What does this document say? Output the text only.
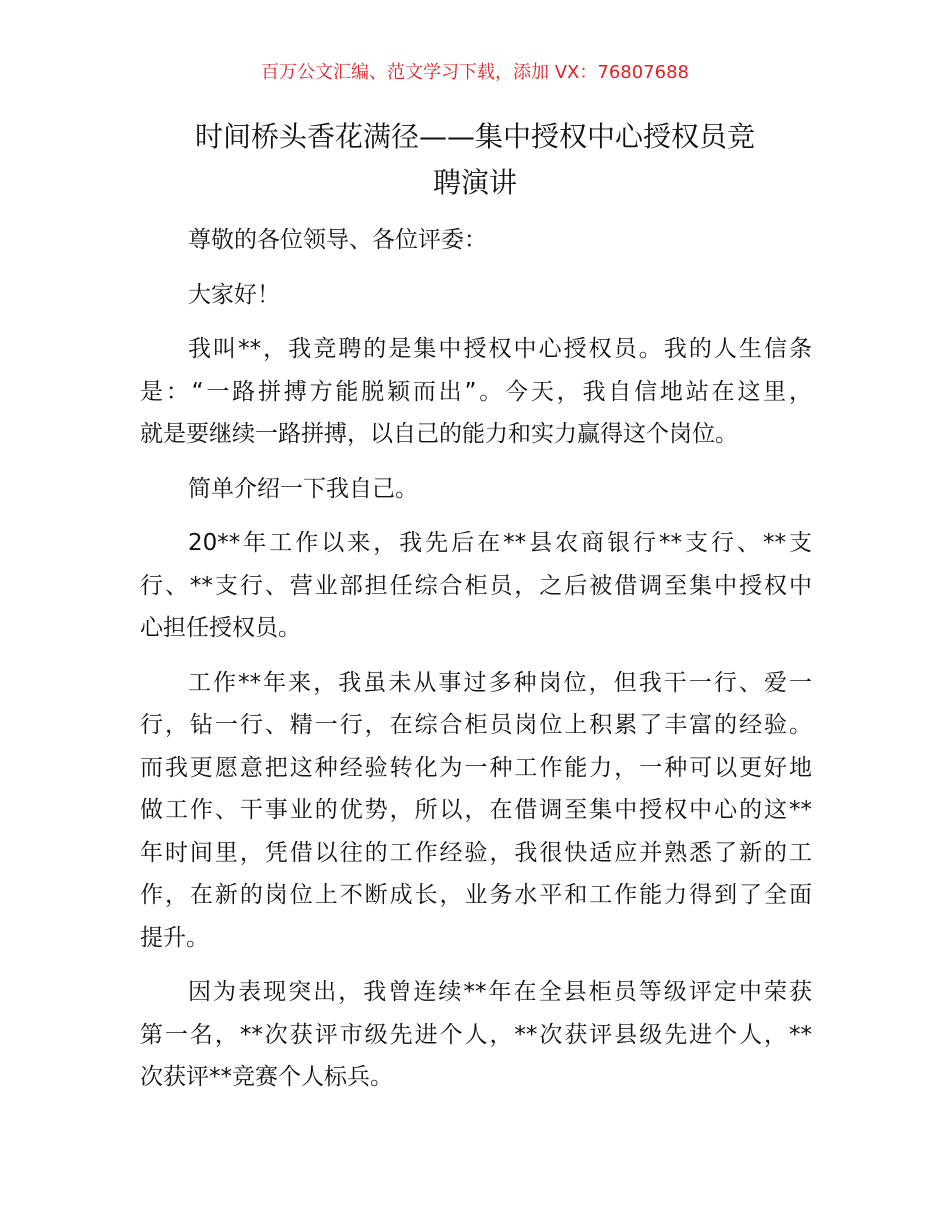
百万公文汇编、范文学习下载，添加 VX：76807688
时间桥头香花满径——集中授权中心授权员竞
聘演讲
尊敬的各位领导、各位评委：
大家好！
我叫**，我竞聘的是集中授权中心授权员。我的人生信条
是：“一路拼搏方能脱颖而出”。今天，我自信地站在这里，
就是要继续一路拼搏，以自己的能力和实力赢得这个岗位。
简单介绍一下我自己。
20**年工作以来，我先后在**县农商银行**支行、**支
行、**支行、营业部担任综合柜员，之后被借调至集中授权中
心担任授权员。
工作**年来，我虽未从事过多种岗位，但我干一行、爱一
行，钻一行、精一行，在综合柜员岗位上积累了丰富的经验。
而我更愿意把这种经验转化为一种工作能力，一种可以更好地
做工作、干事业的优势，所以，在借调至集中授权中心的这**
年时间里，凭借以往的工作经验，我很快适应并熟悉了新的工
作，在新的岗位上不断成长，业务水平和工作能力得到了全面
提升。
因为表现突出，我曾连续**年在全县柜员等级评定中荣获
第一名，**次获评市级先进个人，**次获评县级先进个人，**
次获评**竞赛个人标兵。
